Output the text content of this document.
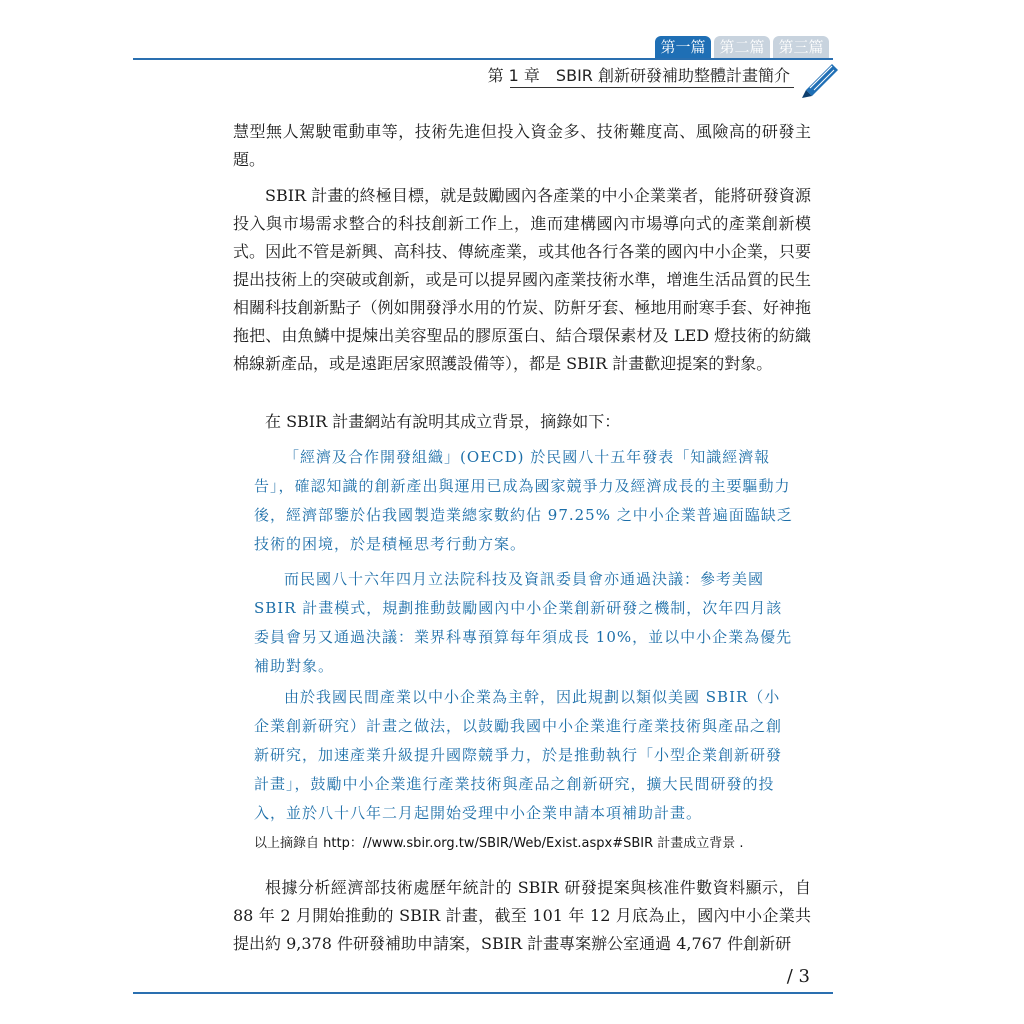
第一篇 第二篇 第三篇
第 1 章　SBIR 創新研發補助整體計畫簡介

慧型無人駕駛電動車等，技術先進但投入資金多、技術難度高、風險高的研發主題。

SBIR 計畫的終極目標，就是鼓勵國內各產業的中小企業業者，能將研發資源投入與市場需求整合的科技創新工作上，進而建構國內市場導向式的產業創新模式。因此不管是新興、高科技、傳統產業，或其他各行各業的國內中小企業，只要提出技術上的突破或創新，或是可以提昇國內產業技術水準，增進生活品質的民生相關科技創新點子（例如開發淨水用的竹炭、防鼾牙套、極地用耐寒手套、好神拖拖把、由魚鱗中提煉出美容聖品的膠原蛋白、結合環保素材及 LED 燈技術的紡織棉線新產品，或是遠距居家照護設備等），都是 SBIR 計畫歡迎提案的對象。

在 SBIR 計畫網站有說明其成立背景，摘錄如下：

「經濟及合作開發組織」(OECD) 於民國八十五年發表「知識經濟報告」，確認知識的創新產出與運用已成為國家競爭力及經濟成長的主要驅動力後，經濟部鑒於佔我國製造業總家數約佔 97.25% 之中小企業普遍面臨缺乏技術的困境，於是積極思考行動方案。

而民國八十六年四月立法院科技及資訊委員會亦通過決議：參考美國 SBIR 計畫模式，規劃推動鼓勵國內中小企業創新研發之機制，次年四月該委員會另又通過決議：業界科專預算每年須成長 10%，並以中小企業為優先補助對象。

由於我國民間產業以中小企業為主幹，因此規劃以類似美國 SBIR（小企業創新研究）計畫之做法，以鼓勵我國中小企業進行產業技術與產品之創新研究，加速產業升級提升國際競爭力，於是推動執行「小型企業創新研發計畫」，鼓勵中小企業進行產業技術與產品之創新研究，擴大民間研發的投入，並於八十八年二月起開始受理中小企業申請本項補助計畫。

以上摘錄自 http：//www.sbir.org.tw/SBIR/Web/Exist.aspx#SBIR 計畫成立背景 .

根據分析經濟部技術處歷年統計的 SBIR 研發提案與核准件數資料顯示，自 88 年 2 月開始推動的 SBIR 計畫，截至 101 年 12 月底為止，國內中小企業共提出約 9,378 件研發補助申請案，SBIR 計畫專案辦公室通過 4,767 件創新研

/ 3
